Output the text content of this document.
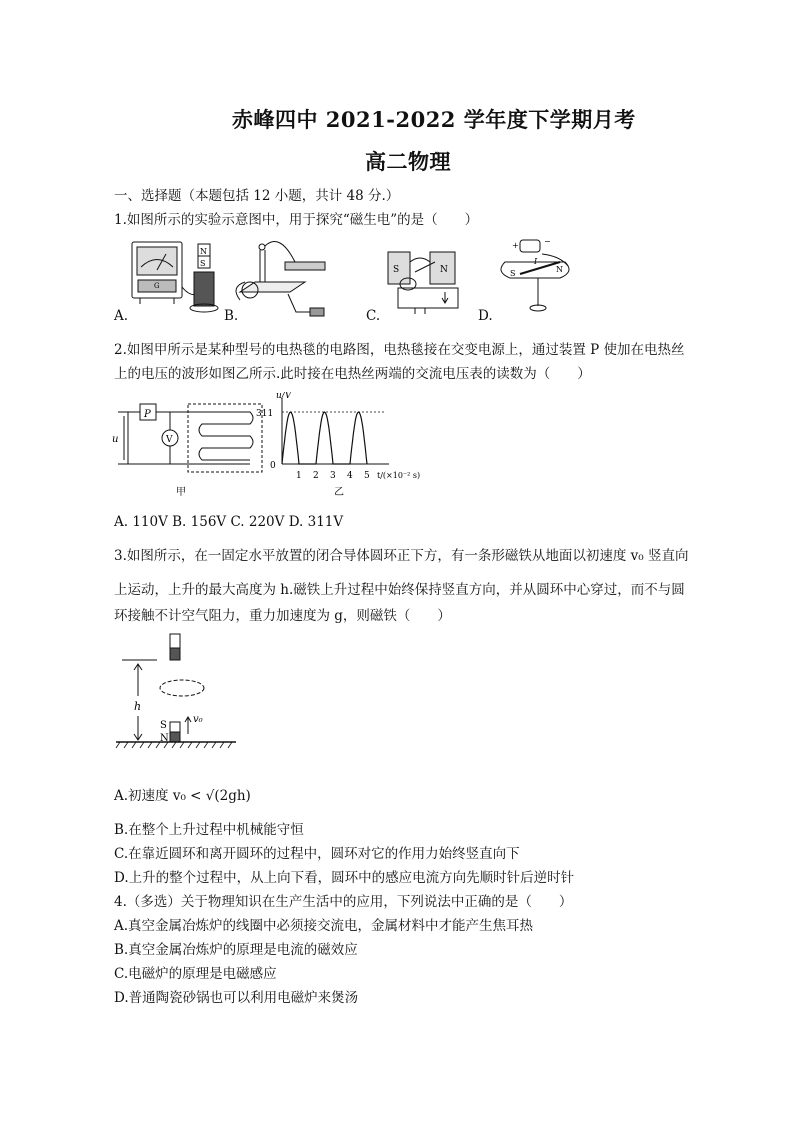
赤峰四中 2021-2022 学年度下学期月考
高二物理
一、选择题（本题包括 12 小题，共计 48 分.）
1.如图所示的实验示意图中，用于探究“磁生电”的是（　　）
N
S
G
S	N	S	N
I
+	−
A.	B.	C.	D.
2.如图甲所示是某种型号的电热毯的电路图，电热毯接在交变电源上，通过装置 P 使加在电热丝
上的电压的波形如图乙所示.此时接在电热丝两端的交流电压表的读数为（　　）
P
u	V
甲
u/V
311
0
1 2 3 4 5 t/(×10⁻² s)
乙
A. 110V B. 156V C. 220V D. 311V
3.如图所示，在一固定水平放置的闭合导体圆环正下方，有一条形磁铁从地面以初速度 v₀ 竖直向
上运动，上升的最大高度为 h.磁铁上升过程中始终保持竖直方向，并从圆环中心穿过，而不与圆
环接触不计空气阻力，重力加速度为 g，则磁铁（　　）
h
S
N
v₀
A.初速度 v₀ < √(2gh)
B.在整个上升过程中机械能守恒
C.在靠近圆环和离开圆环的过程中，圆环对它的作用力始终竖直向下
D.上升的整个过程中，从上向下看，圆环中的感应电流方向先顺时针后逆时针
4.（多选）关于物理知识在生产生活中的应用，下列说法中正确的是（　　）
A.真空金属冶炼炉的线圈中必须接交流电，金属材料中才能产生焦耳热
B.真空金属冶炼炉的原理是电流的磁效应
C.电磁炉的原理是电磁感应
D.普通陶瓷砂锅也可以利用电磁炉来煲汤
